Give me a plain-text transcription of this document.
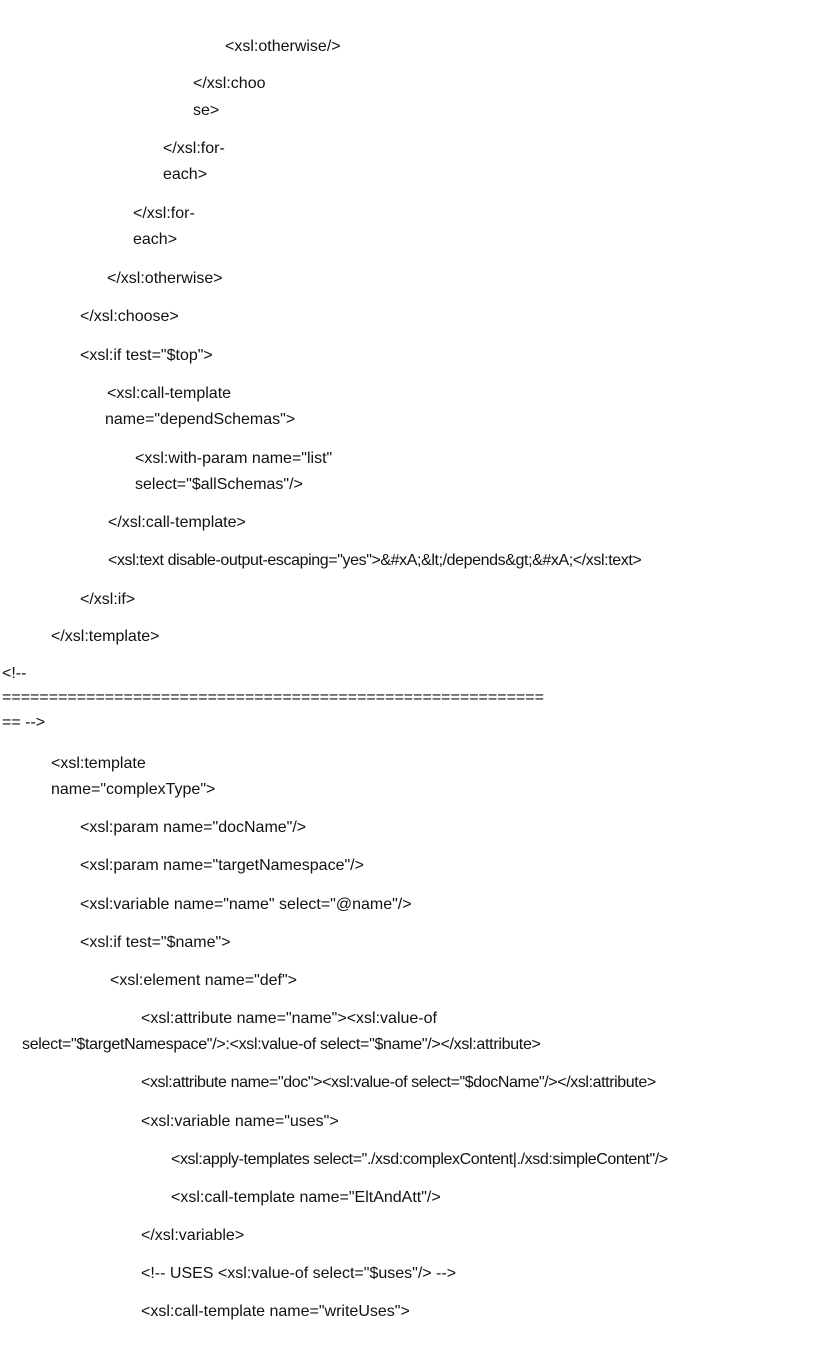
<xsl:otherwise/>
</xsl:choo
se>
</xsl:for-
each>
</xsl:for-
each>
</xsl:otherwise>
</xsl:choose>
<xsl:if test="$top">
<xsl:call-template
name="dependSchemas">
<xsl:with-param name="list"
select="$allSchemas"/>
</xsl:call-template>
<xsl:text disable-output-escaping="yes">&#xA;&lt;/depends&gt;&#xA;</xsl:text>
</xsl:if>
</xsl:template>
<!--
==========================================================
== -->
<xsl:template
name="complexType">
<xsl:param name="docName"/>
<xsl:param name="targetNamespace"/>
<xsl:variable name="name" select="@name"/>
<xsl:if test="$name">
<xsl:element name="def">
<xsl:attribute name="name"><xsl:value-of
select="$targetNamespace"/>:<xsl:value-of select="$name"/></xsl:attribute>
<xsl:attribute name="doc"><xsl:value-of select="$docName"/></xsl:attribute>
<xsl:variable name="uses">
<xsl:apply-templates select="./xsd:complexContent|./xsd:simpleContent"/>
<xsl:call-template name="EltAndAtt"/>
</xsl:variable>
<!-- USES <xsl:value-of select="$uses"/> -->
<xsl:call-template name="writeUses">
